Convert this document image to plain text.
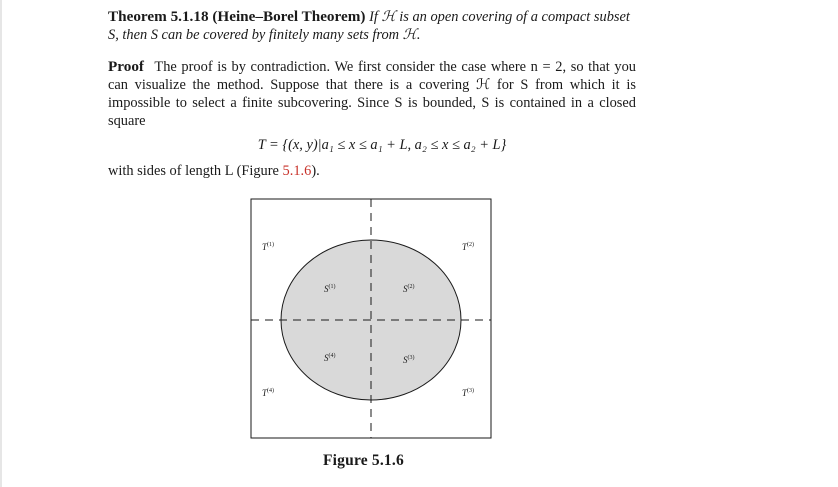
Theorem 5.1.18 (Heine–Borel Theorem) If ℋ is an open covering of a compact subset S, then S can be covered by finitely many sets from ℋ.

Proof The proof is by contradiction. We first consider the case where n = 2, so that you can visualize the method. Suppose that there is a covering ℋ for S from which it is impossible to select a finite subcovering. Since S is bounded, S is contained in a closed square

T = {(x, y)|a₁ ≤ x ≤ a₁ + L, a₂ ≤ x ≤ a₂ + L}

with sides of length L (Figure 5.1.6).

$T^{(1)}$	$T^{(2)}$
$T^{(3)}$
$T^{(4)}$
$S^{(1)}$	$S^{(2)}$
$S^{(3)}$
$S^{(4)}$
Figure 5.1.6
